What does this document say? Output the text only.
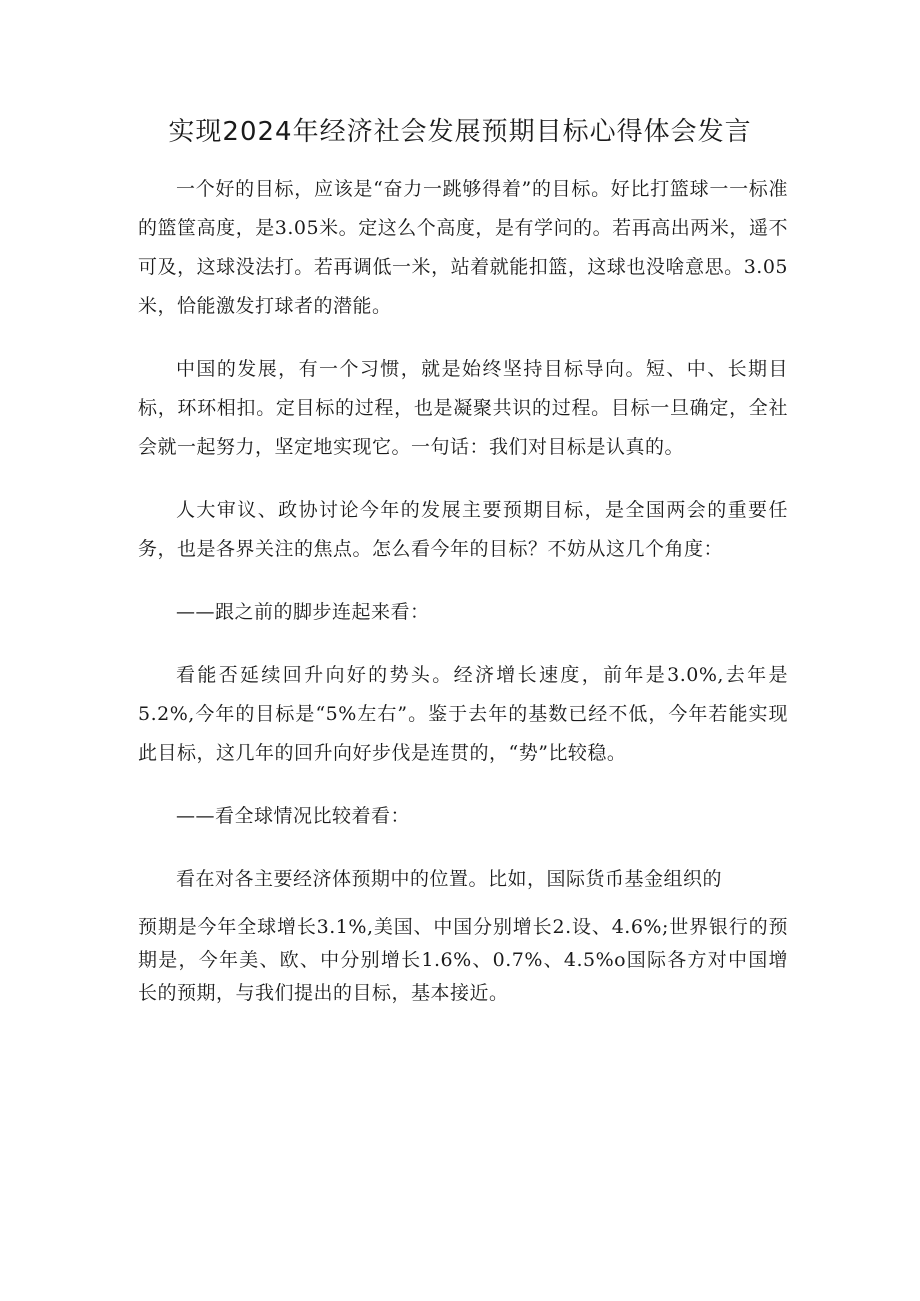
实现2024年经济社会发展预期目标心得体会发言

一个好的目标，应该是“奋力一跳够得着”的目标。好比打篮球一一标准的篮筐高度，是3.05米。定这么个高度，是有学问的。若再高出两米，遥不可及，这球没法打。若再调低一米，站着就能扣篮，这球也没啥意思。3.05米，恰能激发打球者的潜能。

中国的发展，有一个习惯，就是始终坚持目标导向。短、中、长期目标，环环相扣。定目标的过程，也是凝聚共识的过程。目标一旦确定，全社会就一起努力，坚定地实现它。一句话：我们对目标是认真的。

人大审议、政协讨论今年的发展主要预期目标，是全国两会的重要任务，也是各界关注的焦点。怎么看今年的目标？不妨从这几个角度：

——跟之前的脚步连起来看：

看能否延续回升向好的势头。经济增长速度，前年是3.0%,去年是5.2%,今年的目标是“5%左右”。鉴于去年的基数已经不低，今年若能实现此目标，这几年的回升向好步伐是连贯的，“势”比较稳。

——看全球情况比较着看：

看在对各主要经济体预期中的位置。比如，国际货币基金组织的

预期是今年全球增长3.1%,美国、中国分别增长2.设、4.6%;世界银行的预期是，今年美、欧、中分别增长1.6%、0.7%、4.5%o国际各方对中国增长的预期，与我们提出的目标，基本接近。
